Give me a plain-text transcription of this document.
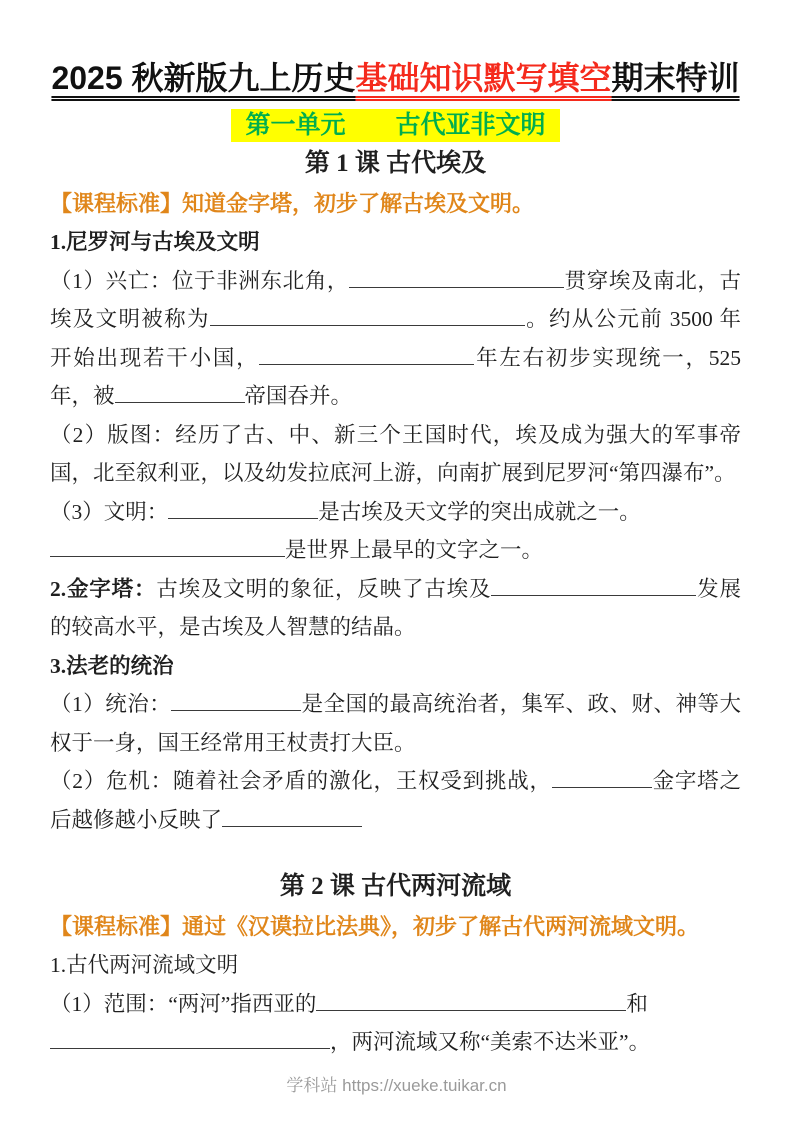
2025 秋新版九上历史基础知识默写填空期末特训
第一单元　　古代亚非文明
第 1 课 古代埃及
【课程标准】知道金字塔，初步了解古埃及文明。

1.尼罗河与古埃及文明

（1）兴亡：位于非洲东北角，	贯穿埃及南北，古埃及文明被称为	。约从公元前 3500 年开始出现若干小国，	年左右初步实现统一，525 年，被	帝国吞并。

（2）版图：经历了古、中、新三个王国时代，埃及成为强大的军事帝国，北至叙利亚，以及幼发拉底河上游，向南扩展到尼罗河“第四瀑布”。

（3）文明：	是古埃及天文学的突出成就之一。

是世界上最早的文字之一。

2.金字塔：古埃及文明的象征，反映了古埃及	发展的较高水平，是古埃及人智慧的结晶。

3.法老的统治

（1）统治：	是全国的最高统治者，集军、政、财、神等大权于一身，国王经常用王杖责打大臣。

（2）危机：随着社会矛盾的激化，王权受到挑战，	金字塔之后越修越小反映了

第 2 课 古代两河流域
【课程标准】通过《汉谟拉比法典》，初步了解古代两河流域文明。

1.古代两河流域文明

（1）范围：“两河”指西亚的	和

，两河流域又称“美索不达米亚”。

学科站 https://xueke.tuikar.cn
